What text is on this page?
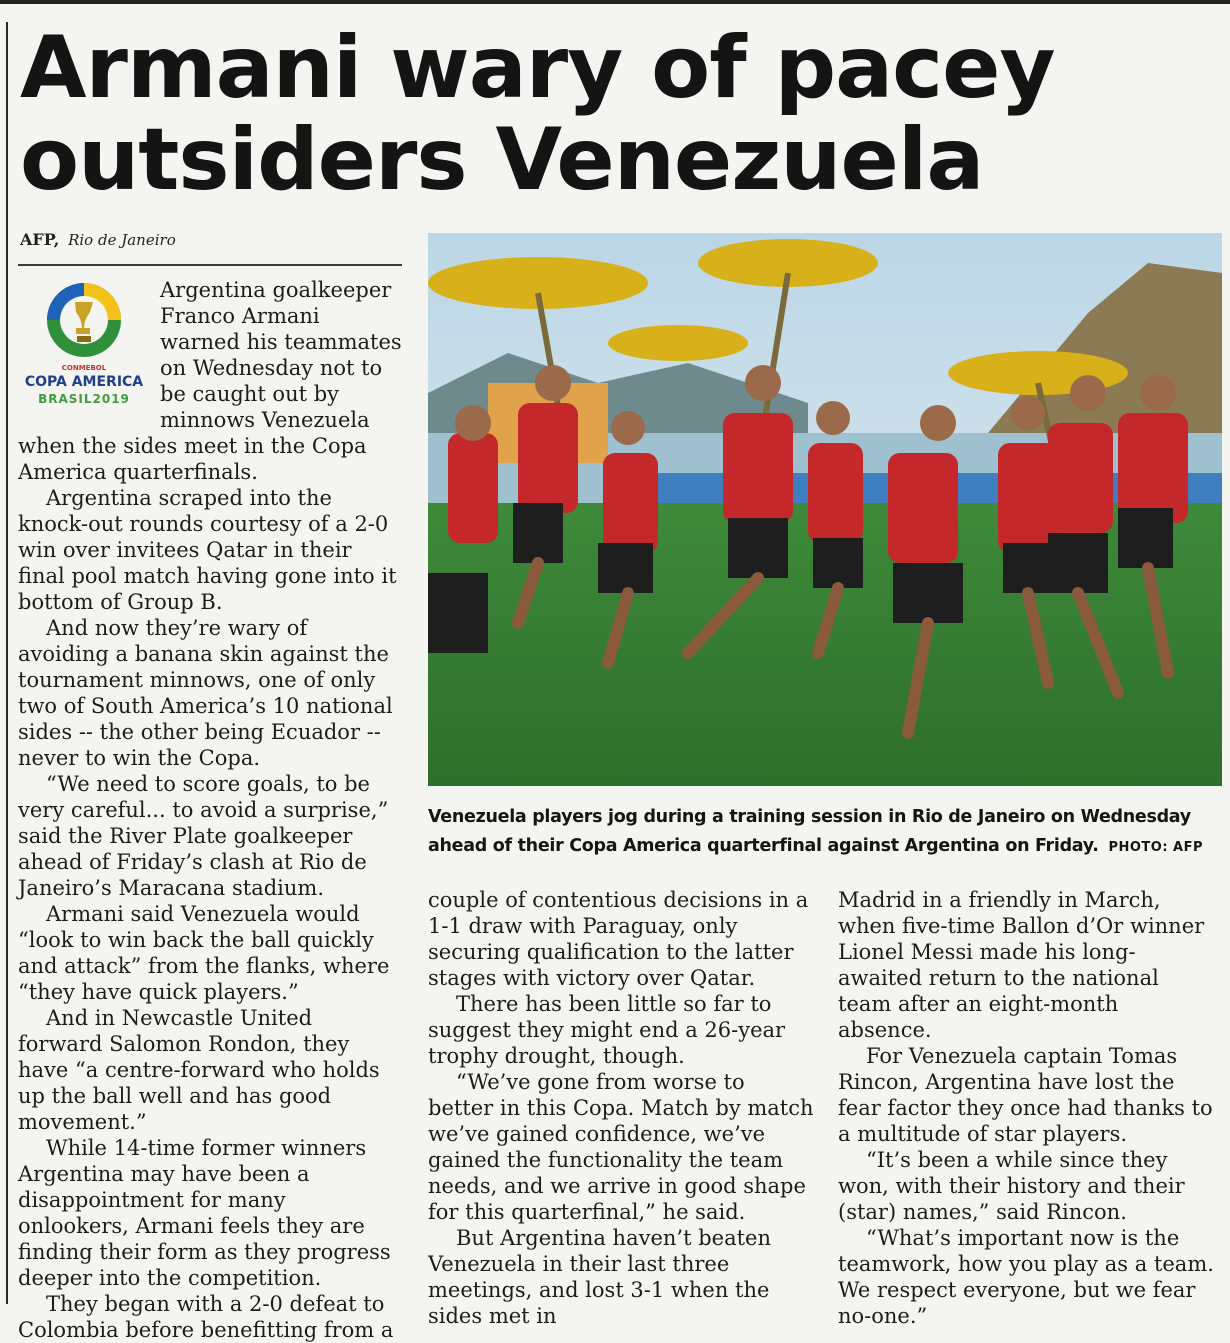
Armani wary of pacey outsiders Venezuela
AFP, Rio de Janeiro
CONMEBOL
COPA AMERICA
BRASIL2019

Argentina goalkeeper Franco Armani warned his teammates on Wednesday not to be caught out by minnows Venezuela when the sides meet in the Copa America quarterfinals.

Argentina scraped into the knock-out rounds courtesy of a 2-0 win over invitees Qatar in their final pool match having gone into it bottom of Group B.

And now they’re wary of avoiding a banana skin against the tournament minnows, one of only two of South America’s 10 national sides -- the other being Ecuador -- never to win the Copa.

“We need to score goals, to be very careful... to avoid a surprise,” said the River Plate goalkeeper ahead of Friday’s clash at Rio de Janeiro’s Maracana stadium.

Armani said Venezuela would “look to win back the ball quickly and attack” from the flanks, where “they have quick players.”

And in Newcastle United forward Salomon Rondon, they have “a centre-forward who holds up the ball well and has good movement.”

While 14-time former winners Argentina may have been a disappointment for many onlookers, Armani feels they are finding their form as they progress deeper into the competition.

They began with a 2-0 defeat to Colombia before benefitting from a

Venezuela players jog during a training session in Rio de Janeiro on Wednesday ahead of their Copa America quarterfinal against Argentina on Friday. PHOTO: AFP

couple of contentious decisions in a 1-1 draw with Paraguay, only securing qualification to the latter stages with victory over Qatar.

There has been little so far to suggest they might end a 26-year trophy drought, though.

“We’ve gone from worse to better in this Copa. Match by match we’ve gained confidence, we’ve gained the functionality the team needs, and we arrive in good shape for this quarterfinal,” he said.

But Argentina haven’t beaten Venezuela in their last three meetings, and lost 3-1 when the sides met in

Madrid in a friendly in March, when five-time Ballon d’Or winner Lionel Messi made his long-awaited return to the national team after an eight-month absence.

For Venezuela captain Tomas Rincon, Argentina have lost the fear factor they once had thanks to a multitude of star players.

“It’s been a while since they won, with their history and their (star) names,” said Rincon.

“What’s important now is the teamwork, how you play as a team. We respect everyone, but we fear no-one.”
